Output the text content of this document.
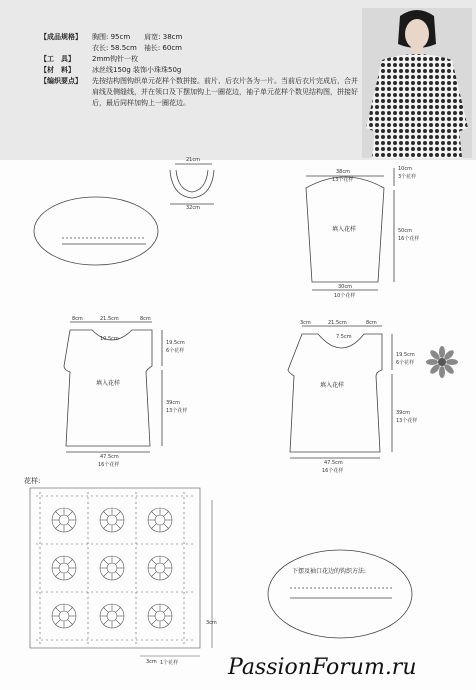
【成品规格】	胸围: 95cm　　肩宽: 38cm
衣长: 58.5cm　袖长: 60cm
【工　具】	2mm钩针一枚
【材　料】	冰丝线150g 装饰小珠珠50g
【编织要点】	先按结构图钩织单元花样个数拼接。前片、后衣片各为一片。当前后衣片完成后，合并肩线及侧缝线，并在领口及下摆加钩上一圈花边，袖子单元花样个数见结构图，拼接好后，最后同样加钩上一圈花边。
21cm
32cm
38cm
13个花样
10cm
3个花样
50cm
16个花样
填入花样
30cm
10个花样
8cm	21.5cm	8cm
10.5cm
19.5cm
6个花样
39cm
13个花样
填入花样
47.5cm
16个花样
3cm	21.5cm	8cm
7.5cm
19.5cm
6个花样
39cm
13个花样
填入花样
47.5cm
16个花样
花样:
3cm
3cm 1个花样
下摆及袖口花边的钩织方法:
PassionForum.ru
